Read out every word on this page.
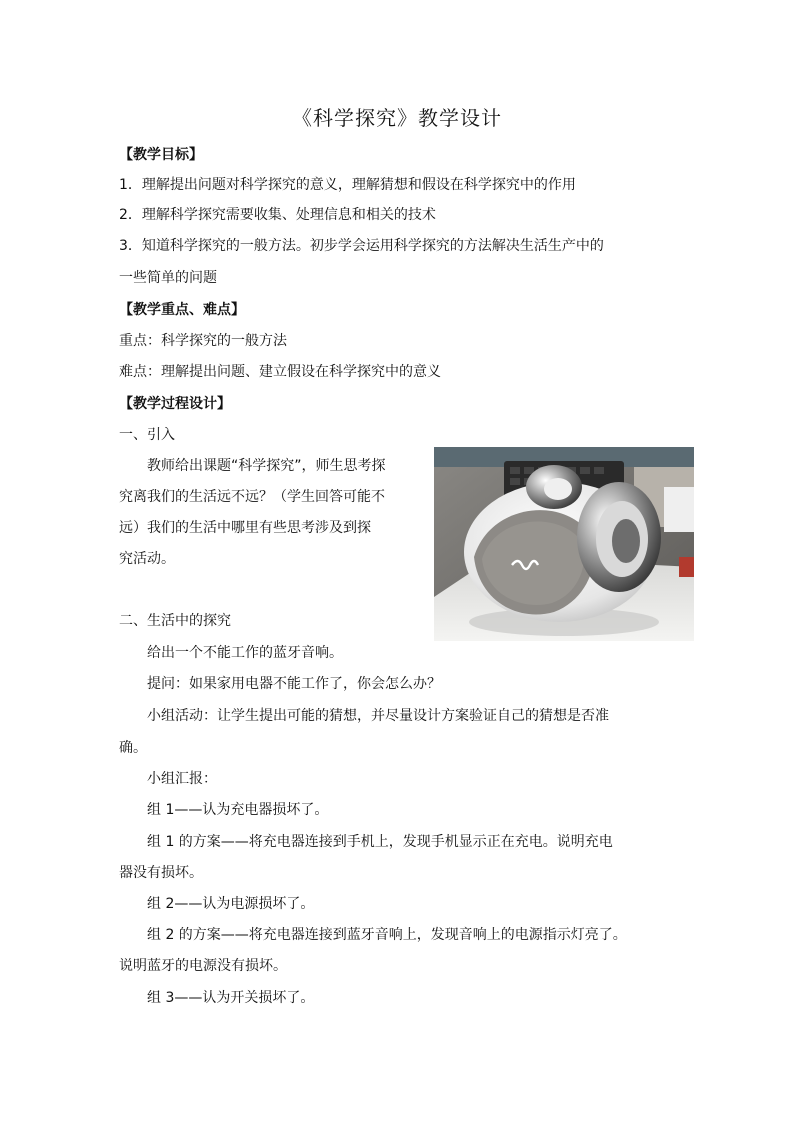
《科学探究》教学设计
【教学目标】
1．理解提出问题对科学探究的意义，理解猜想和假设在科学探究中的作用
2．理解科学探究需要收集、处理信息和相关的技术
3．知道科学探究的一般方法。初步学会运用科学探究的方法解决生活生产中的
一些简单的问题
【教学重点、难点】
重点：科学探究的一般方法
难点：理解提出问题、建立假设在科学探究中的意义
【教学过程设计】
一、引入
教师给出课题“科学探究”，师生思考探
究离我们的生活远不远？（学生回答可能不
远）我们的生活中哪里有些思考涉及到探
究活动。
二、生活中的探究
给出一个不能工作的蓝牙音响。
提问：如果家用电器不能工作了，你会怎么办？
小组活动：让学生提出可能的猜想，并尽量设计方案验证自己的猜想是否准
确。
小组汇报：
组 1——认为充电器损坏了。
组 1 的方案——将充电器连接到手机上，发现手机显示正在充电。说明充电
器没有损坏。
组 2——认为电源损坏了。
组 2 的方案——将充电器连接到蓝牙音响上，发现音响上的电源指示灯亮了。
说明蓝牙的电源没有损坏。
组 3——认为开关损坏了。
